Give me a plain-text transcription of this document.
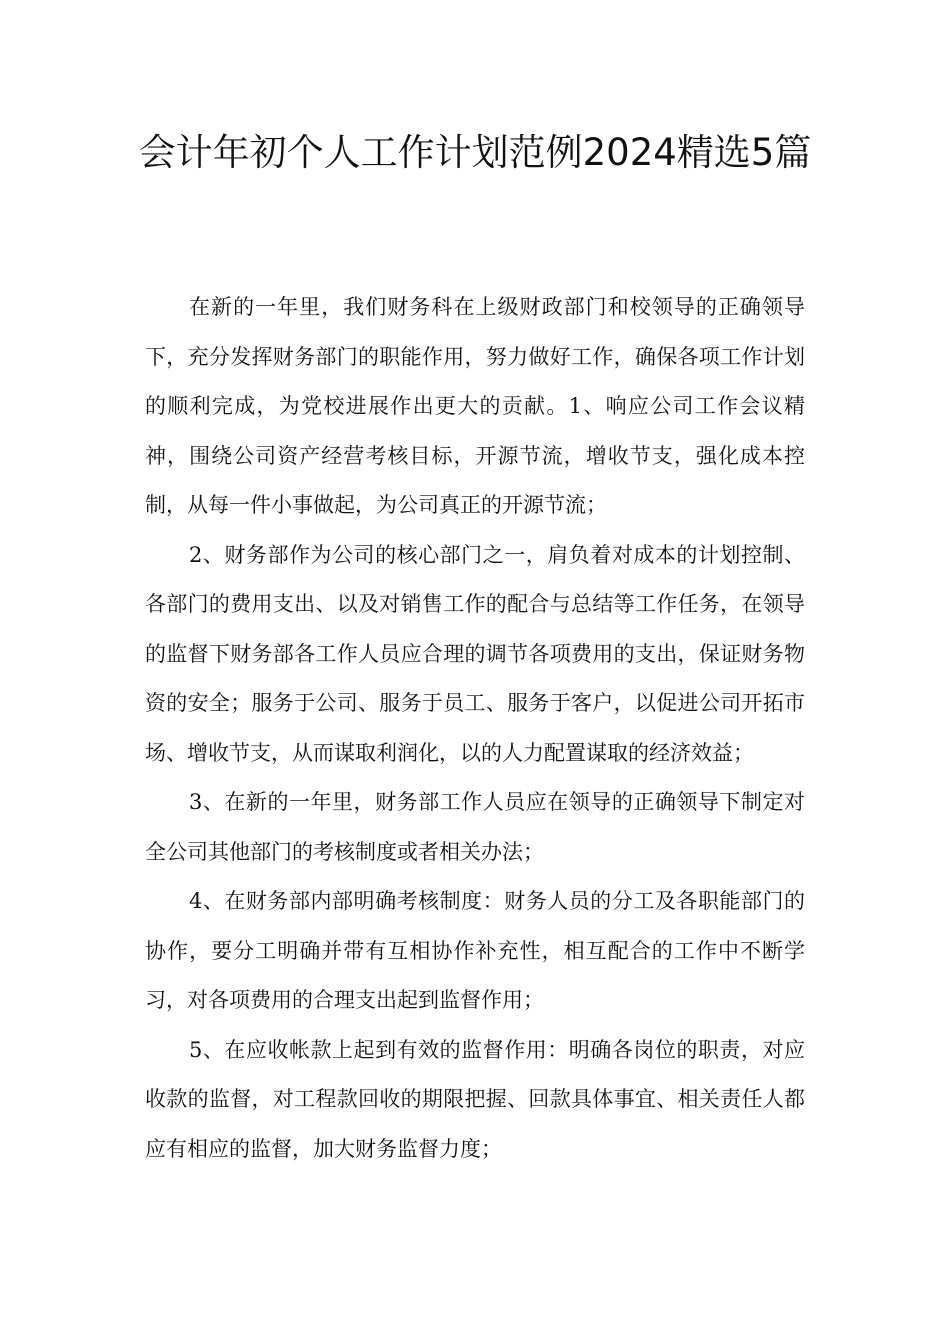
会计年初个人工作计划范例2024精选5篇

在新的一年里，我们财务科在上级财政部门和校领导的正确领导下，充分发挥财务部门的职能作用，努力做好工作，确保各项工作计划的顺利完成，为党校进展作出更大的贡献。1、响应公司工作会议精神，围绕公司资产经营考核目标，开源节流，增收节支，强化成本控制，从每一件小事做起，为公司真正的开源节流；

2、财务部作为公司的核心部门之一，肩负着对成本的计划控制、各部门的费用支出、以及对销售工作的配合与总结等工作任务，在领导的监督下财务部各工作人员应合理的调节各项费用的支出，保证财务物资的安全；服务于公司、服务于员工、服务于客户，以促进公司开拓市场、增收节支，从而谋取利润化，以的人力配置谋取的经济效益；

3、在新的一年里，财务部工作人员应在领导的正确领导下制定对全公司其他部门的考核制度或者相关办法；

4、在财务部内部明确考核制度：财务人员的分工及各职能部门的协作，要分工明确并带有互相协作补充性，相互配合的工作中不断学习，对各项费用的合理支出起到监督作用；

5、在应收帐款上起到有效的监督作用：明确各岗位的职责，对应收款的监督，对工程款回收的期限把握、回款具体事宜、相关责任人都应有相应的监督，加大财务监督力度；
